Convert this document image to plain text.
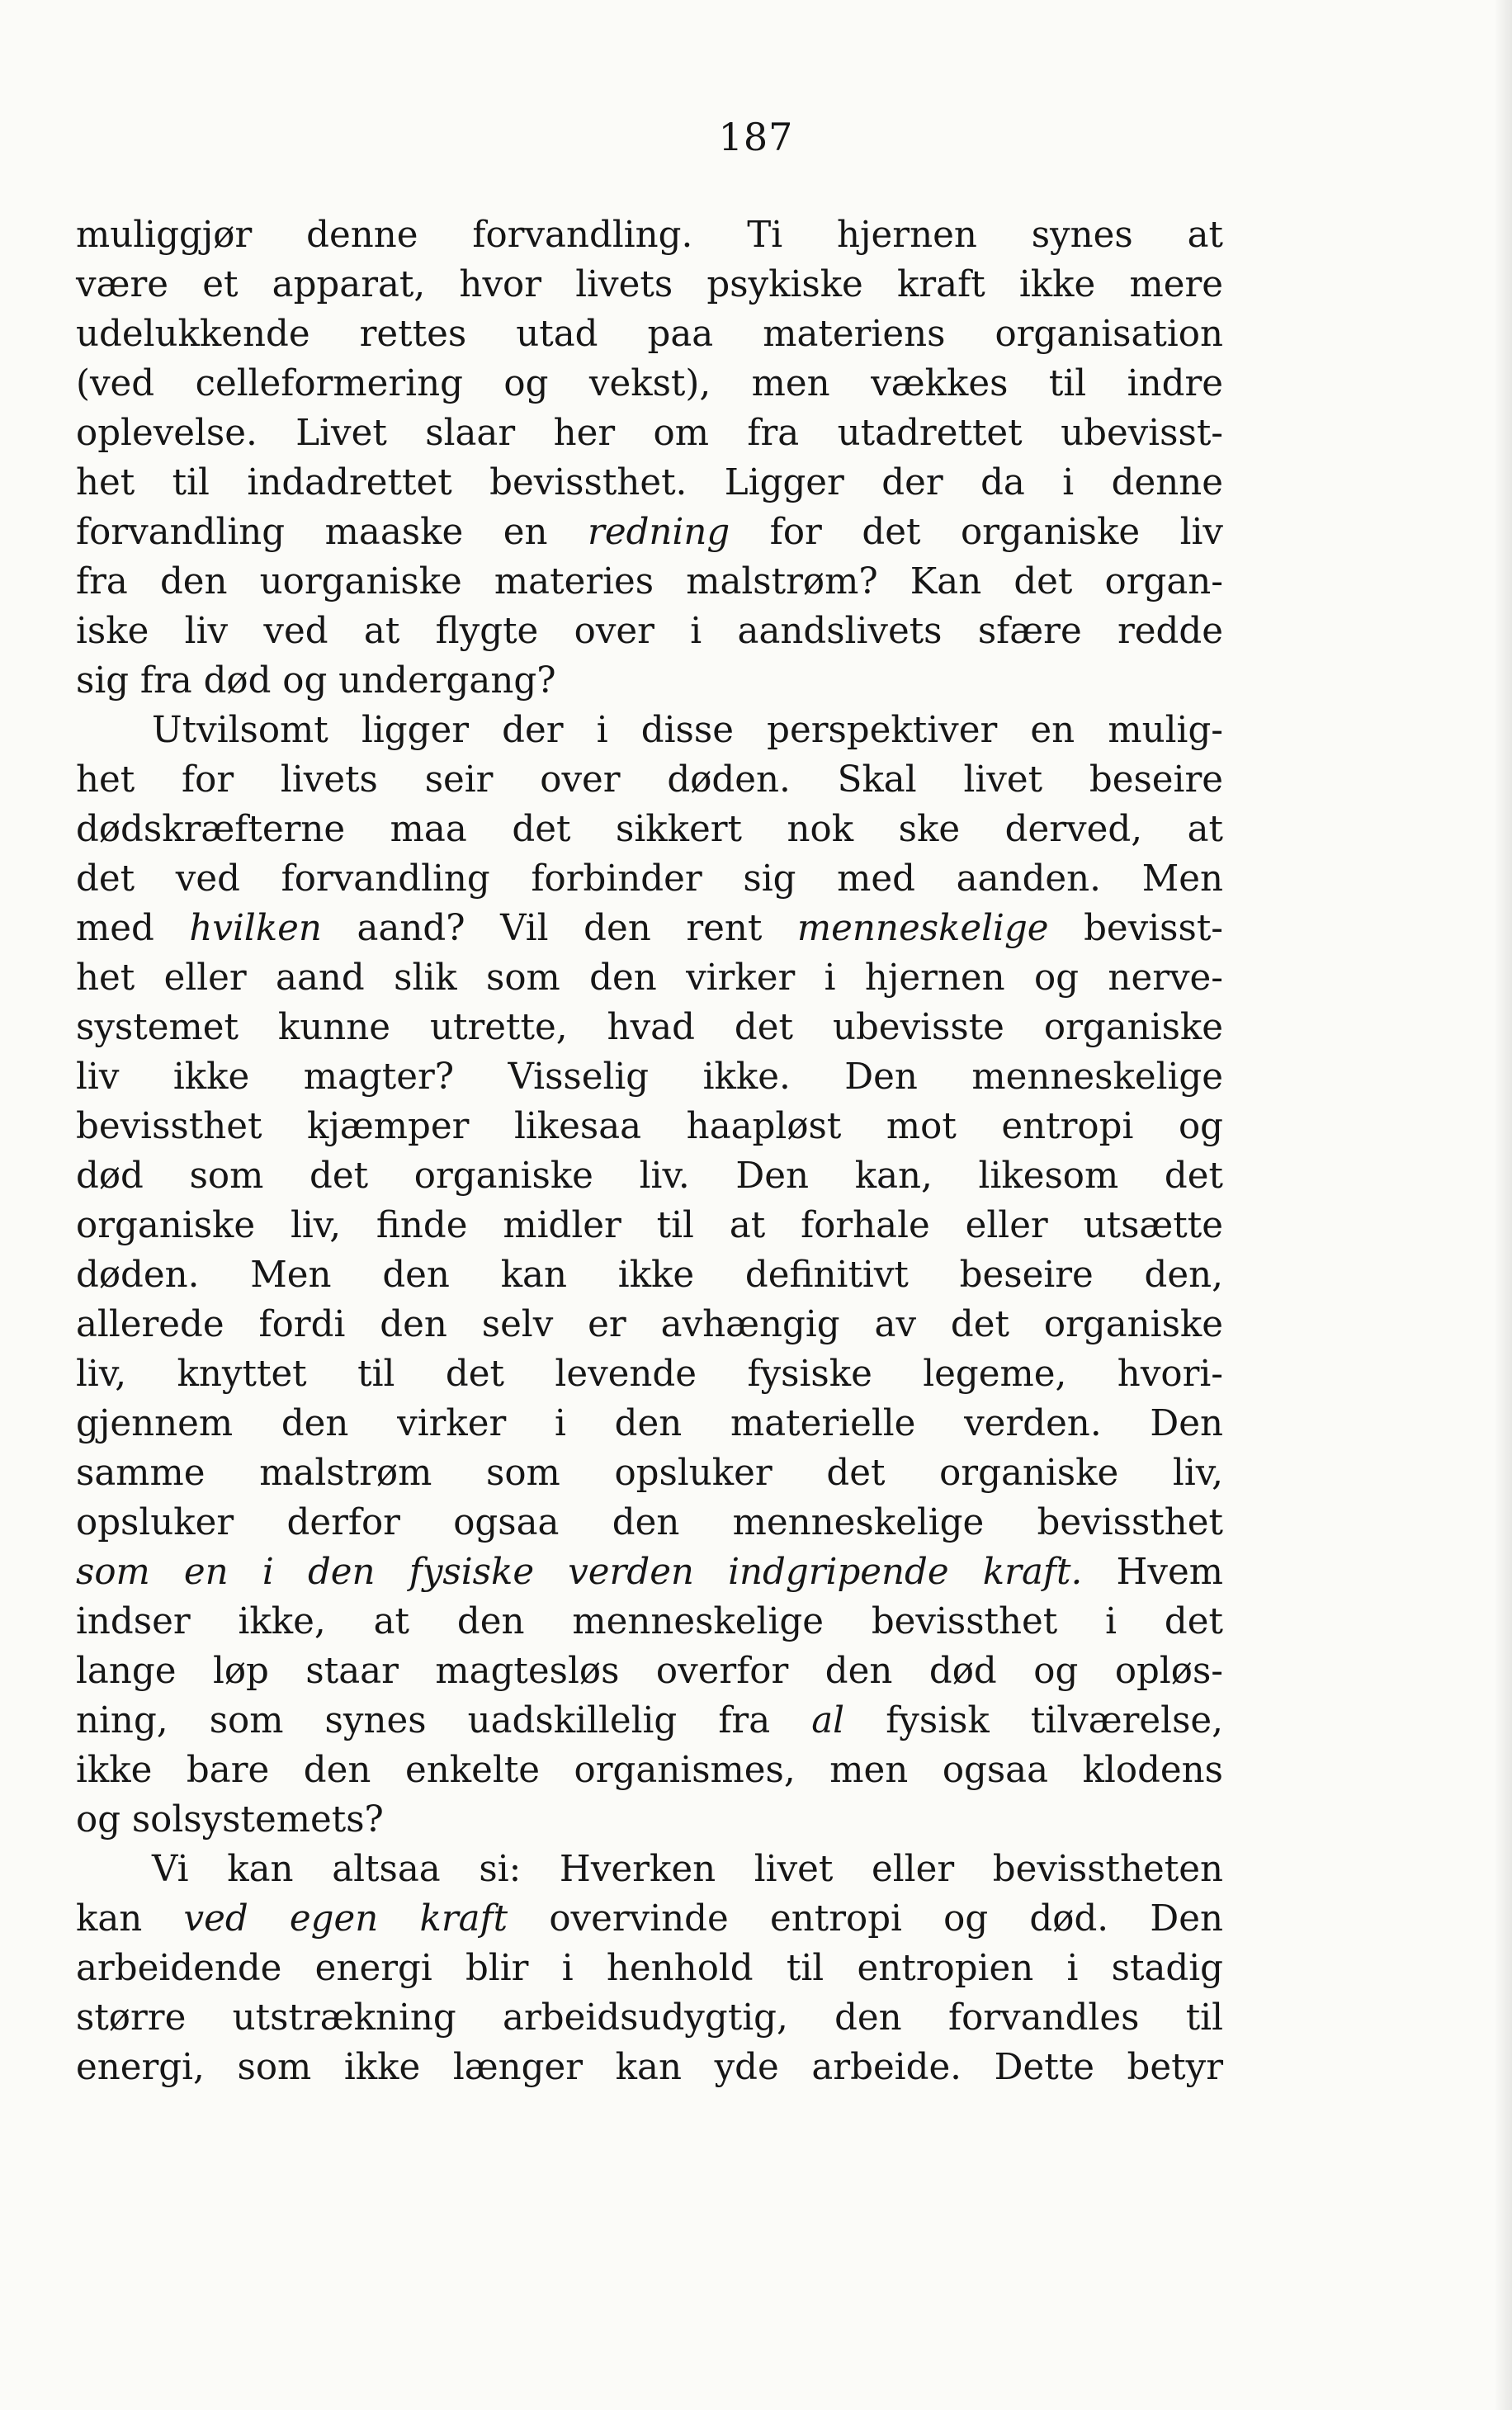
187
muliggjør denne forvandling. Ti hjernen synes at
være et apparat, hvor livets psykiske kraft ikke mere
udelukkende rettes utad paa materiens organisation
(ved celleformering og vekst), men vækkes til indre
oplevelse. Livet slaar her om fra utadrettet ubevisst-
het til indadrettet bevissthet. Ligger der da i denne
forvandling maaske en redning for det organiske liv
fra den uorganiske materies malstrøm? Kan det organ-
iske liv ved at flygte over i aandslivets sfære redde
sig fra død og undergang?
Utvilsomt ligger der i disse perspektiver en mulig-
het for livets seir over døden. Skal livet beseire
dødskræfterne maa det sikkert nok ske derved, at
det ved forvandling forbinder sig med aanden. Men
med hvilken aand? Vil den rent menneskelige bevisst-
het eller aand slik som den virker i hjernen og nerve-
systemet kunne utrette, hvad det ubevisste organiske
liv ikke magter? Visselig ikke. Den menneskelige
bevissthet kjæmper likesaa haapløst mot entropi og
død som det organiske liv. Den kan, likesom det
organiske liv, finde midler til at forhale eller utsætte
døden. Men den kan ikke definitivt beseire den,
allerede fordi den selv er avhængig av det organiske
liv, knyttet til det levende fysiske legeme, hvori-
gjennem den virker i den materielle verden. Den
samme malstrøm som opsluker det organiske liv,
opsluker derfor ogsaa den menneskelige bevissthet
som en i den fysiske verden indgripende kraft. Hvem
indser ikke, at den menneskelige bevissthet i det
lange løp staar magtesløs overfor den død og opløs-
ning, som synes uadskillelig fra al fysisk tilværelse,
ikke bare den enkelte organismes, men ogsaa klodens
og solsystemets?
Vi kan altsaa si: Hverken livet eller bevisstheten
kan ved egen kraft overvinde entropi og død. Den
arbeidende energi blir i henhold til entropien i stadig
større utstrækning arbeidsudygtig, den forvandles til
energi, som ikke længer kan yde arbeide. Dette betyr
